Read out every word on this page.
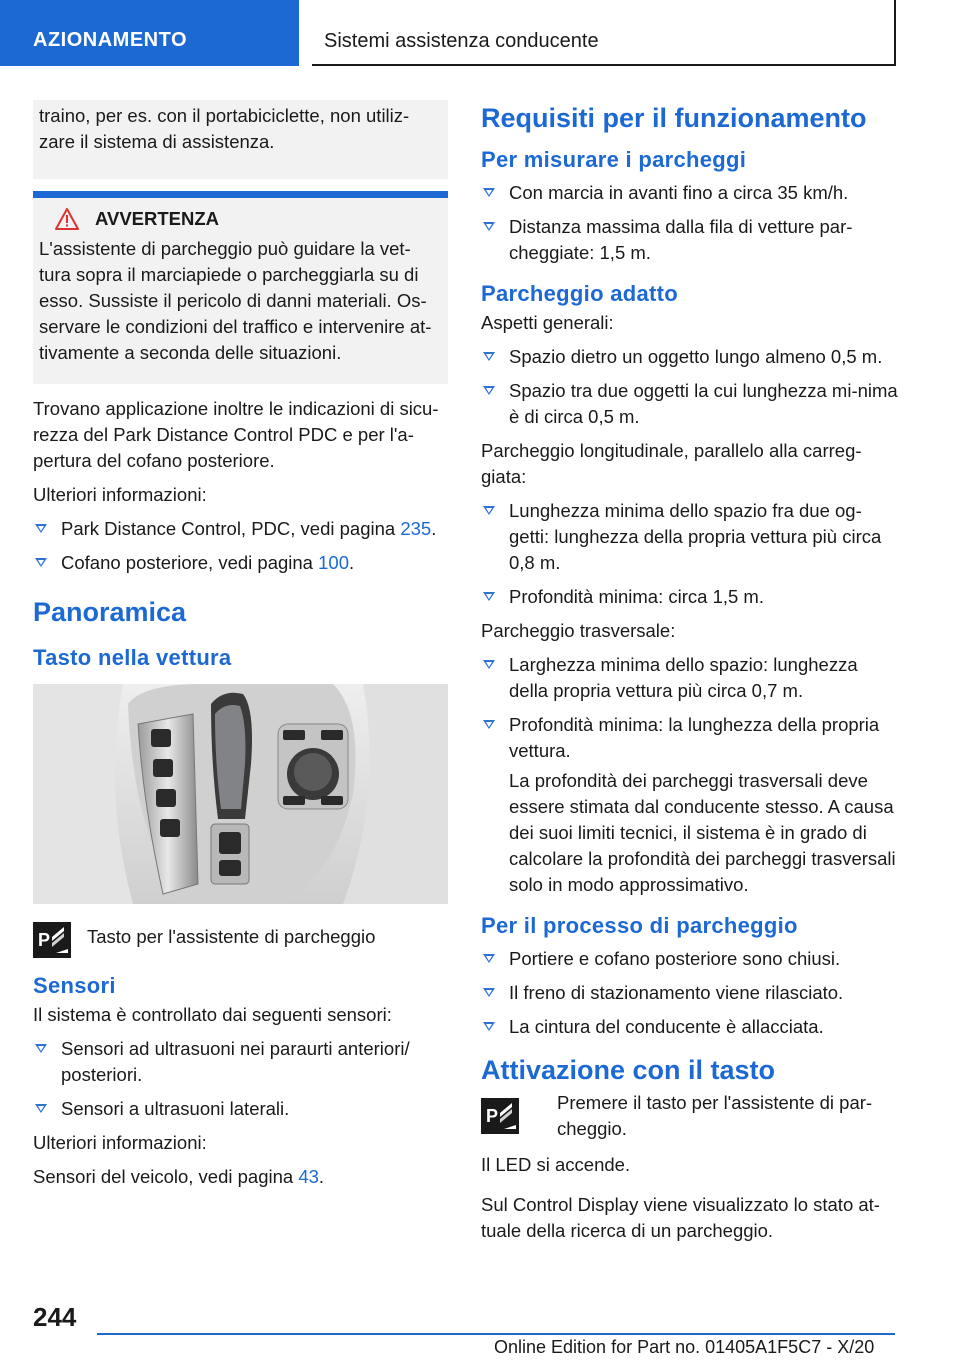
AZIONAMENTO	Sistemi assistenza conducente

traino, per es. con il portabiciclette, non utiliz-zare il sistema di assistenza.

AVVERTENZA

L'assistente di parcheggio può guidare la vet-tura sopra il marciapiede o parcheggiarla su di esso. Sussiste il pericolo di danni materiali. Os-servare le condizioni del traffico e intervenire at-tivamente a seconda delle situazioni.

Trovano applicazione inoltre le indicazioni di sicu-rezza del Park Distance Control PDC e per l'a-pertura del cofano posteriore.

Ulteriori informazioni:

Park Distance Control, PDC, vedi pagina 235.
Cofano posteriore, vedi pagina 100.
Panoramica
Tasto nella vettura
P Tasto per l'assistente di parcheggio
Sensori

Il sistema è controllato dai seguenti sensori:

Sensori ad ultrasuoni nei paraurti anteriori/ posteriori.
Sensori a ultrasuoni laterali.

Ulteriori informazioni:

Sensori del veicolo, vedi pagina 43.

Requisiti per il funzionamento
Per misurare i parcheggi
Con marcia in avanti fino a circa 35 km/h.
Distanza massima dalla fila di vetture par-cheggiate: 1,5 m.
Parcheggio adatto

Aspetti generali:

Spazio dietro un oggetto lungo almeno 0,5 m.
Spazio tra due oggetti la cui lunghezza mi-nima è di circa 0,5 m.

Parcheggio longitudinale, parallelo alla carreg-giata:

Lunghezza minima dello spazio fra due og-getti: lunghezza della propria vettura più circa 0,8 m.
Profondità minima: circa 1,5 m.

Parcheggio trasversale:

Larghezza minima dello spazio: lunghezza della propria vettura più circa 0,7 m.
Profondità minima: la lunghezza della propria vettura.
La profondità dei parcheggi trasversali deve essere stimata dal conducente stesso. A causa dei suoi limiti tecnici, il sistema è in grado di calcolare la profondità dei parcheggi trasversali solo in modo approssimativo.
Per il processo di parcheggio
Portiere e cofano posteriore sono chiusi.
Il freno di stazionamento viene rilasciato.
La cintura del conducente è allacciata.
Attivazione con il tasto
P

Premere il tasto per l'assistente di par-cheggio.

Il LED si accende.

Sul Control Display viene visualizzato lo stato at-tuale della ricerca di un parcheggio.

244
Online Edition for Part no. 01405A1F5C7 - X/20
